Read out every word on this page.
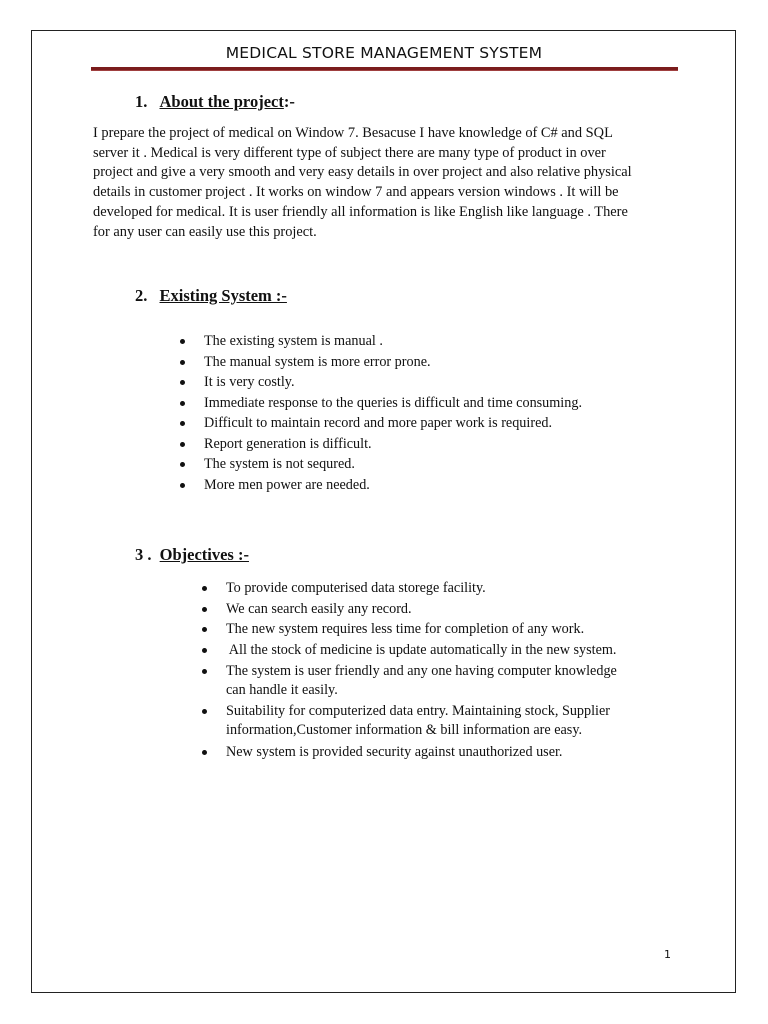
MEDICAL STORE MANAGEMENT SYSTEM
1. About the project:-

I prepare the project of medical on Window 7. Besacuse I have knowledge of C# and SQL
server it . Medical is very different type of subject there are many type of product in over
project and give a very smooth and very easy details in over project and also relative physical
details in customer project . It works on window 7 and appears version windows . It will be
developed for medical. It is user friendly all information is like English like language . There
for any user can easily use this project.

2. Existing System :-
The existing system is manual .
The manual system is more error prone.
It is very costly.
Immediate response to the queries is difficult and time consuming.
Difficult to maintain record and more paper work is required.
Report generation is difficult.
The system is not sequred.
More men power are needed.
3 . Objectives :-
To provide computerised data storege facility.
We can search easily any record.
The new system requires less time for completion of any work.
All the stock of medicine is update automatically in the new system.
The system is user friendly and any one having computer knowledge
can handle it easily.
Suitability for computerized data entry. Maintaining stock, Supplier
information,Customer information & bill information are easy.
New system is provided security against unauthorized user.
1
